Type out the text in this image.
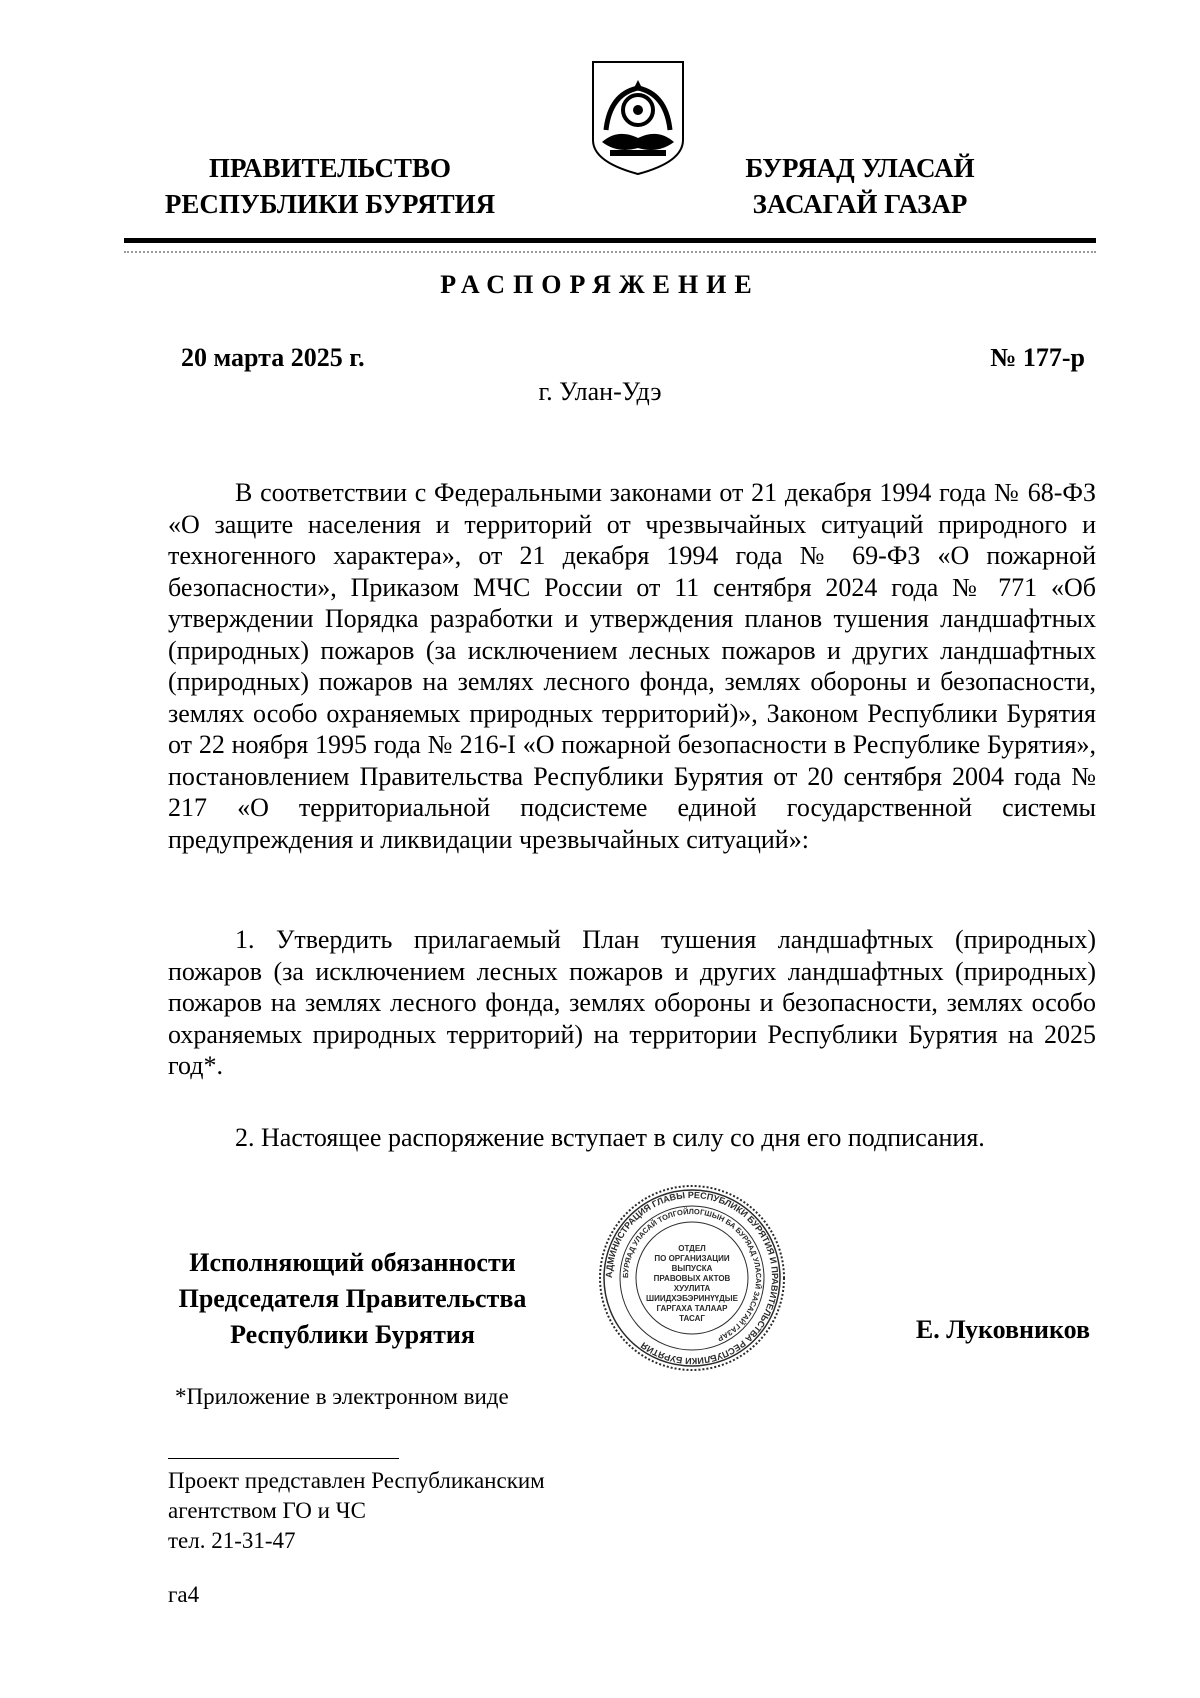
ПРАВИТЕЛЬСТВО
РЕСПУБЛИКИ БУРЯТИЯ
БУРЯАД УЛАСАЙ
ЗАСАГАЙ ГАЗАР
РАСПОРЯЖЕНИЕ
20 марта 2025 г.	№ 177-р
г. Улан-Удэ
В соответствии с Федеральными законами от 21 декабря 1994 года № 68-ФЗ «О защите населения и территорий от чрезвычайных ситуаций природного и техногенного характера», от 21 декабря 1994 года № 69-ФЗ «О пожарной безопасности», Приказом МЧС России от 11 сентября 2024 года № 771 «Об утверждении Порядка разработки и утверждения планов тушения ландшафтных (природных) пожаров (за исключением лесных пожаров и других ландшафтных (природных) пожаров на землях лесного фонда, землях обороны и безопасности, землях особо охраняемых природных территорий)», Законом Республики Бурятия от 22 ноября 1995 года № 216-I «О пожарной безопасности в Республике Бурятия», постановлением Правительства Республики Бурятия от 20 сентября 2004 года № 217 «О территориальной подсистеме единой государственной системы предупреждения и ликвидации чрезвычайных ситуаций»:
1. Утвердить прилагаемый План тушения ландшафтных (природных) пожаров (за исключением лесных пожаров и других ландшафтных (природных) пожаров на землях лесного фонда, землях обороны и безопасности, землях особо охраняемых природных территорий) на территории Республики Бурятия на 2025 год*.
2. Настоящее распоряжение вступает в силу со дня его подписания.
Исполняющий обязанности
Председателя Правительства
Республики Бурятия
АДМИНИСТРАЦИЯ ГЛАВЫ РЕСПУБЛИКИ БУРЯТИЯ И ПРАВИТЕЛЬСТВА РЕСПУБЛИКИ БУРЯТИЯ
БУРЯАД УЛАСАЙ ТОЛГОЙЛОГШЫН БА БУРЯАД УЛАСАЙ ЗАСАГАЙ ГАЗАР
ОТДЕЛ
ПО ОРГАНИЗАЦИИ
ВЫПУСКА
ПРАВОВЫХ АКТОВ
ХУУЛИТА
ШИИДХЭБЭРИНҮҮДЫЕ
ГАРГАХА ТАЛААР
ТАСАГ	Е. Луковников
*Приложение в электронном виде
Проект представлен Республиканским
агентством ГО и ЧС
тел. 21-31-47
га4
